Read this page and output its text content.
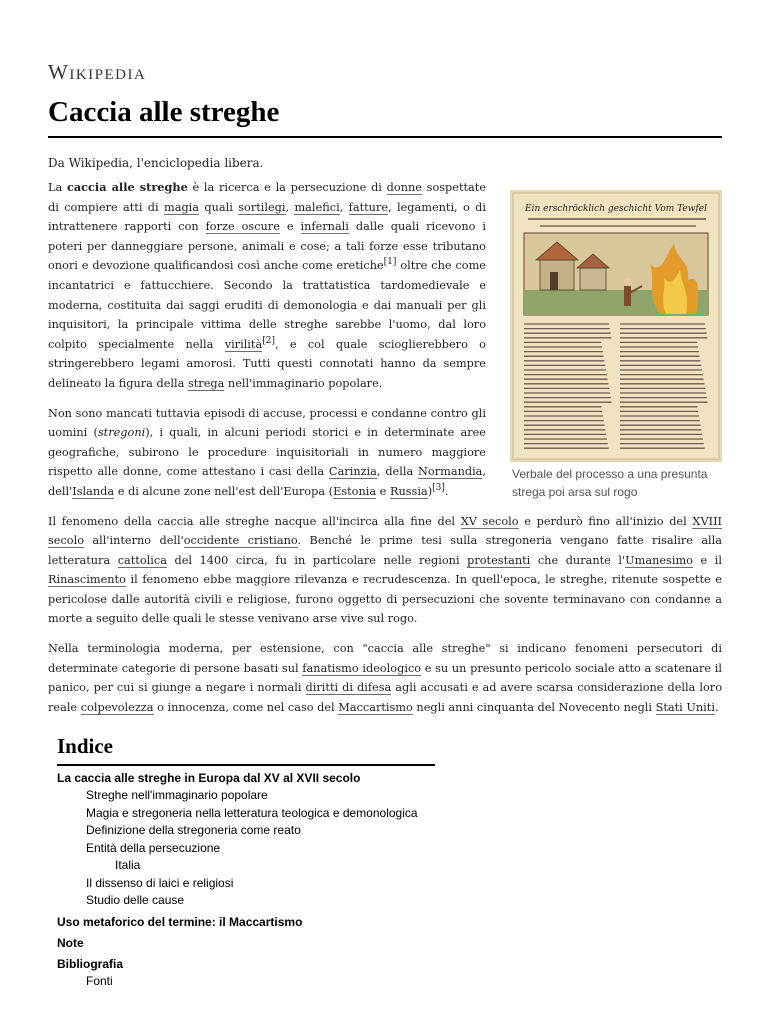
Wikipedia
Caccia alle streghe
Da Wikipedia, l'enciclopedia libera.
Ein erschröcklich geschicht Vom Tewfel
Verbale del processo a una presunta strega poi arsa sul rogo

La caccia alle streghe è la ricerca e la persecuzione di donne sospettate di compiere atti di magia quali sortilegi, malefici, fatture, legamenti, o di intrattenere rapporti con forze oscure e infernali dalle quali ricevono i poteri per danneggiare persone, animali e cose; a tali forze esse tributano onori e devozione qualificandosi così anche come eretiche[1] oltre che come incantatrici e fattucchiere. Secondo la trattatistica tardomedievale e moderna, costituita dai saggi eruditi di demonologia e dai manuali per gli inquisitori, la principale vittima delle streghe sarebbe l'uomo, dal loro colpito specialmente nella virilità[2], e col quale scioglierebbero o stringerebbero legami amorosi. Tutti questi connotati hanno da sempre delineato la figura della strega nell'immaginario popolare.

Non sono mancati tuttavia episodi di accuse, processi e condanne contro gli uomini (stregoni), i quali, in alcuni periodi storici e in determinate aree geografiche, subirono le procedure inquisitoriali in numero maggiore rispetto alle donne, come attestano i casi della Carinzia, della Normandia, dell'Islanda e di alcune zone nell'est dell'Europa (Estonia e Russia)[3].

Il fenomeno della caccia alle streghe nacque all'incirca alla fine del XV secolo e perdurò fino all'inizio del XVIII secolo all'interno dell'occidente cristiano. Benché le prime tesi sulla stregoneria vengano fatte risalire alla letteratura cattolica del 1400 circa, fu in particolare nelle regioni protestanti che durante l'Umanesimo e il Rinascimento il fenomeno ebbe maggiore rilevanza e recrudescenza. In quell'epoca, le streghe, ritenute sospette e pericolose dalle autorità civili e religiose, furono oggetto di persecuzioni che sovente terminavano con condanne a morte a seguito delle quali le stesse venivano arse vive sul rogo.

Nella terminologia moderna, per estensione, con "caccia alle streghe" si indicano fenomeni persecutori di determinate categorie di persone basati sul fanatismo ideologico e su un presunto pericolo sociale atto a scatenare il panico, per cui si giunge a negare i normali diritti di difesa agli accusati e ad avere scarsa considerazione della loro reale colpevolezza o innocenza, come nel caso del Maccartismo negli anni cinquanta del Novecento negli Stati Uniti.

Indice
La caccia alle streghe in Europa dal XV al XVII secolo
Streghe nell'immaginario popolare
Magia e stregoneria nella letteratura teologica e demonologica
Definizione della stregoneria come reato
Entità della persecuzione
Italia
Il dissenso di laici e religiosi
Studio delle cause
Uso metaforico del termine: il Maccartismo
Note
Bibliografia
Fonti
